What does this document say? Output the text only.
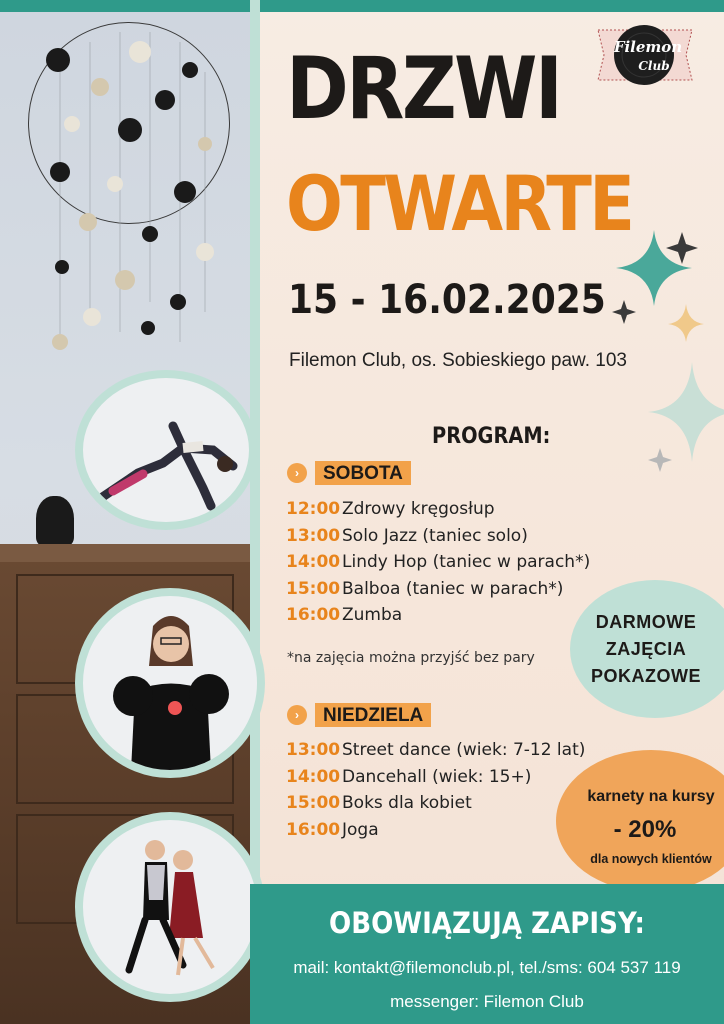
Filemon
Club
DRZWI
OTWARTE
15 - 16.02.2025
Filemon Club, os. Sobieskiego paw. 103
PROGRAM:
›	SOBOTA
12:00 Zdrowy kręgosłup
13:00 Solo Jazz (taniec solo)
14:00 Lindy Hop (taniec w parach*)
15:00 Balboa (taniec w parach*)
16:00 Zumba
*na zajęcia można przyjść bez pary
›	NIEDZIELA
13:00 Street dance (wiek: 7-12 lat)
14:00 Dancehall (wiek: 15+)
15:00 Boks dla kobiet
16:00 Joga
DARMOWE
ZAJĘCIA
POKAZOWE
karnety na kursy
- 20%
dla nowych klientów
OBOWIĄZUJĄ ZAPISY:
mail: kontakt@filemonclub.pl, tel./sms: 604 537 119
messenger: Filemon Club
